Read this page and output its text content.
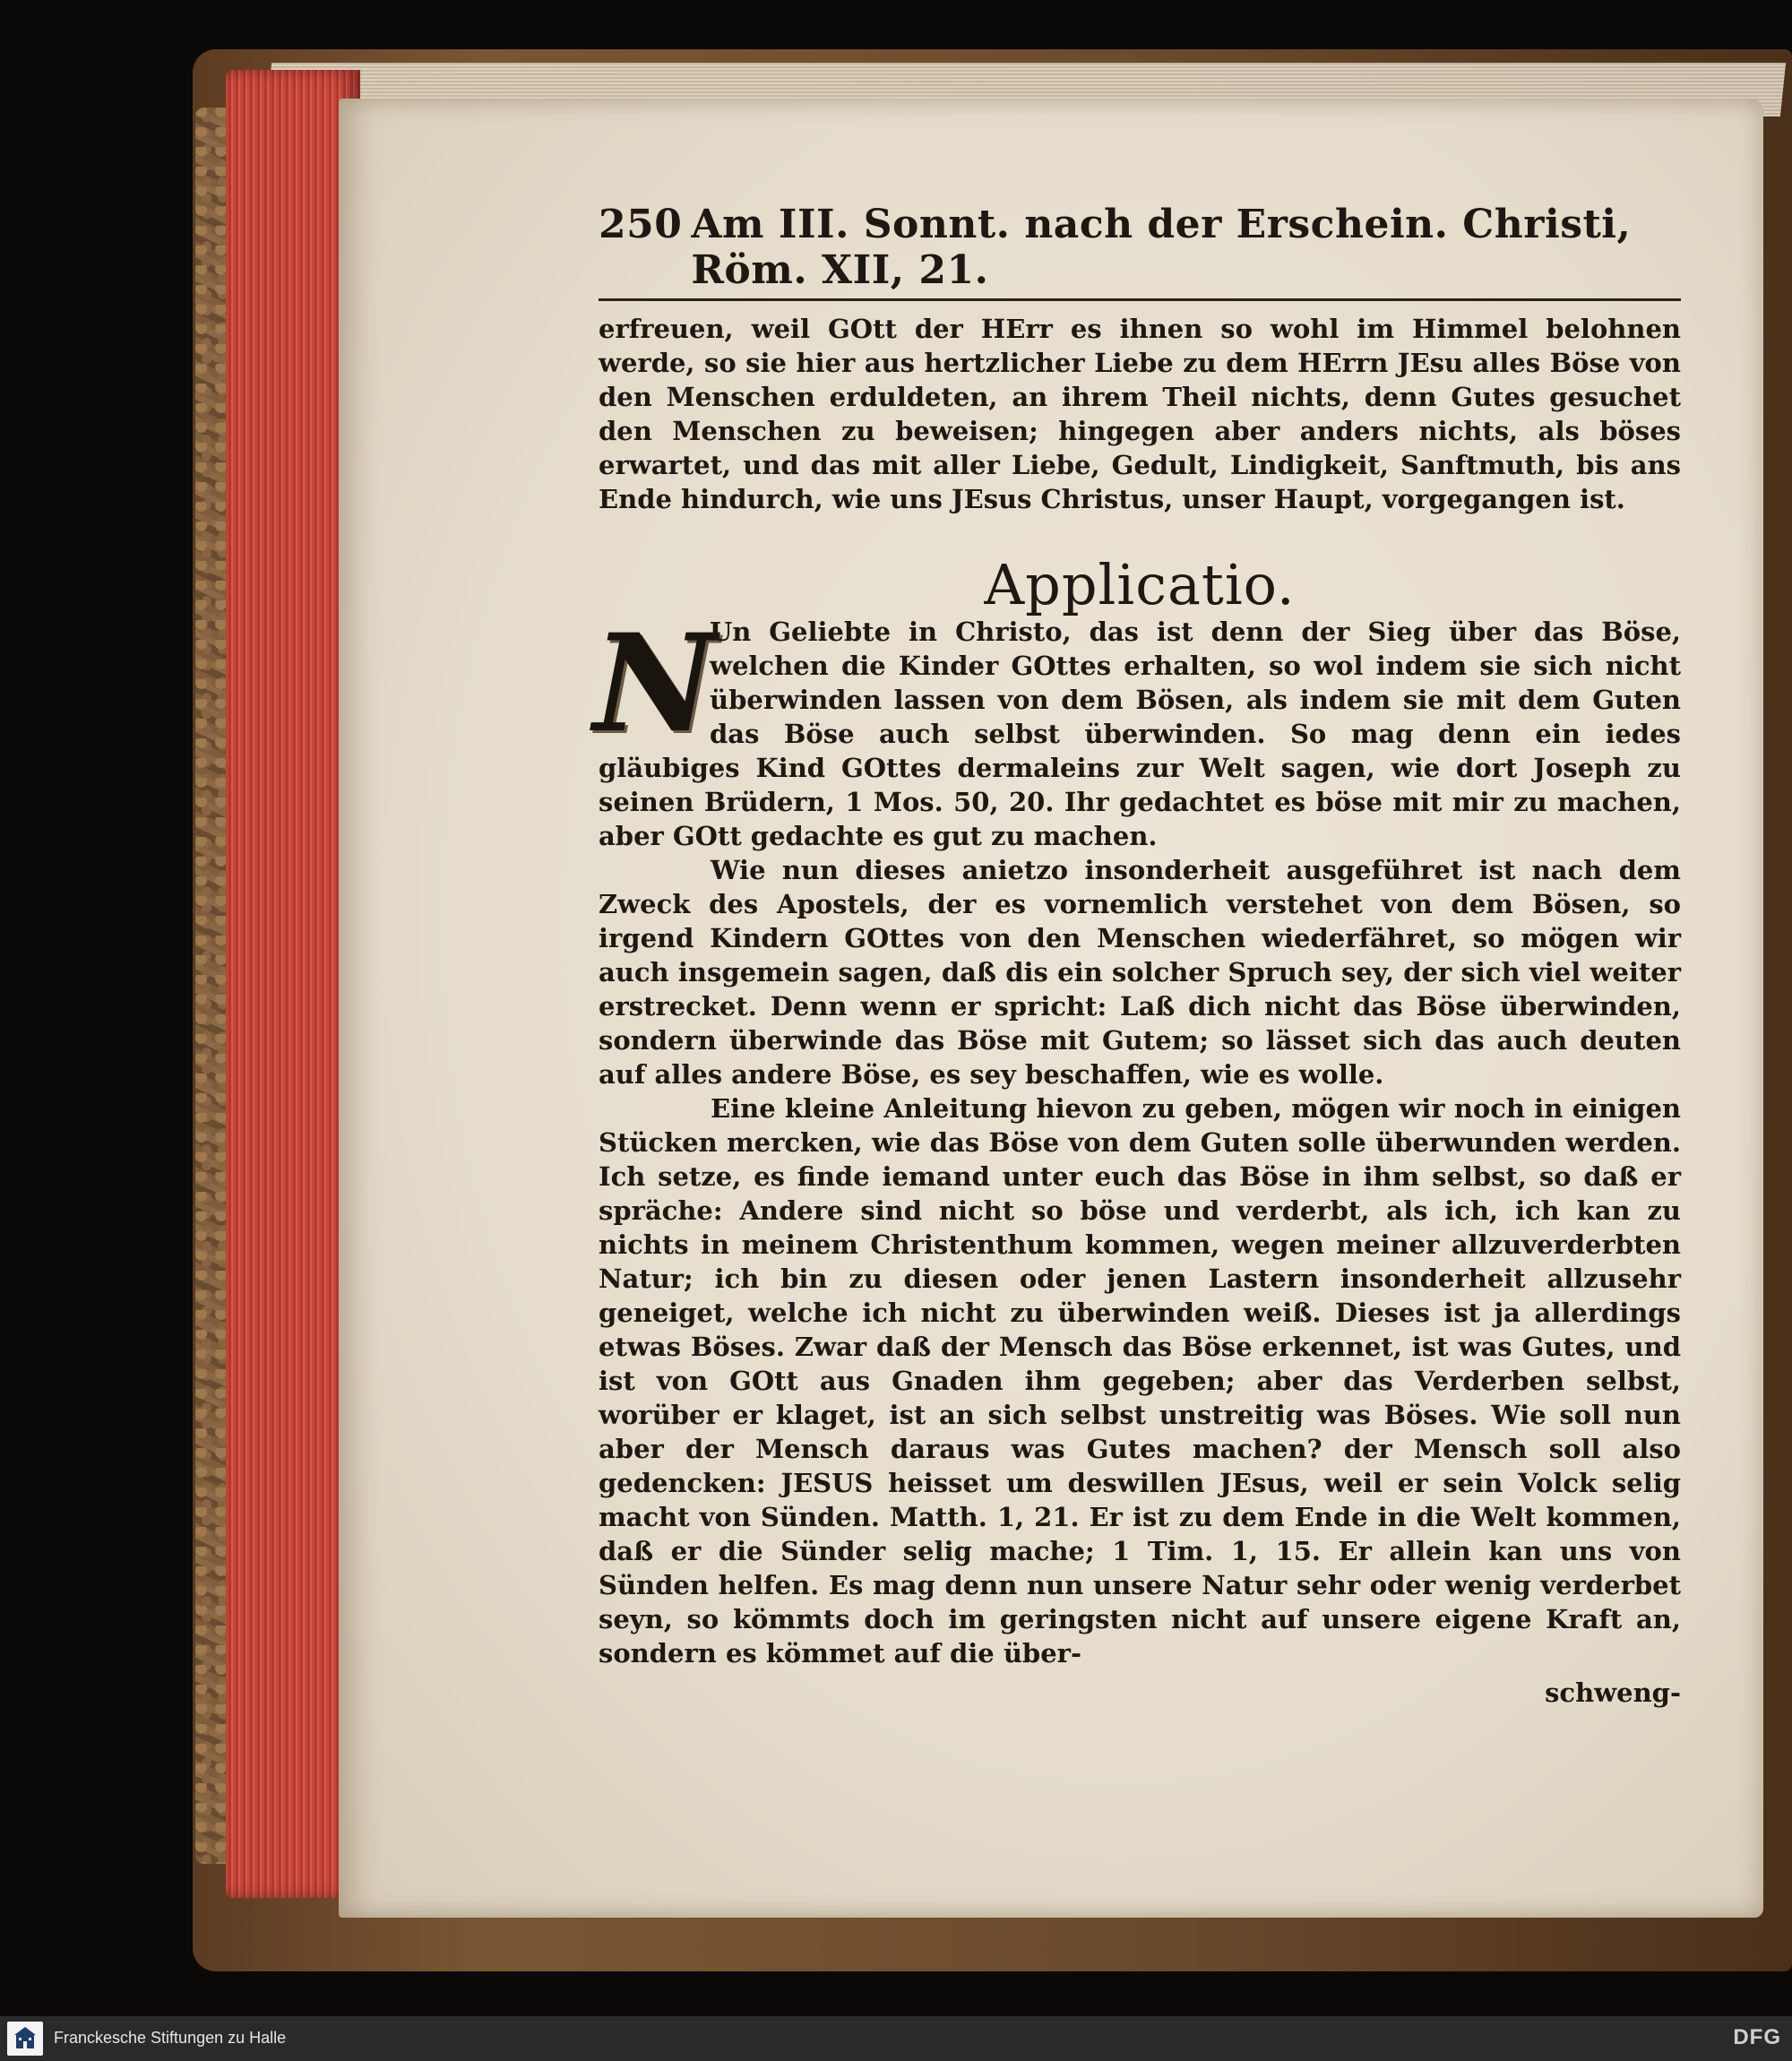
250 Am III. Sonnt. nach der Erschein. Christi, Röm. XII, 21.

erfreuen, weil GOtt der HErr es ihnen so wohl im Himmel belohnen werde, so sie hier aus hertzlicher Liebe zu dem HErrn JEsu alles Böse von den Menschen erduldeten, an ihrem Theil nichts, denn Gutes gesuchet den Menschen zu beweisen; hingegen aber anders nichts, als böses erwartet, und das mit aller Liebe, Gedult, Lindigkeit, Sanftmuth, bis ans Ende hindurch, wie uns JEsus Christus, unser Haupt, vorgegangen ist.

Applicatio.
N

Un Geliebte in Christo, das ist denn der Sieg über das Böse, welchen die Kinder GOttes erhalten, so wol indem sie sich nicht überwinden lassen von dem Bösen, als indem sie mit dem Guten das Böse auch selbst überwinden. So mag denn ein iedes gläubiges Kind GOttes dermaleins zur Welt sagen, wie dort Joseph zu seinen Brüdern, 1 Mos. 50, 20. Ihr gedachtet es böse mit mir zu machen, aber GOtt gedachte es gut zu machen.

Wie nun dieses anietzo insonderheit ausgeführet ist nach dem Zweck des Apostels, der es vornemlich verstehet von dem Bösen, so irgend Kindern GOttes von den Menschen wiederfähret, so mögen wir auch insgemein sagen, daß dis ein solcher Spruch sey, der sich viel weiter erstrecket. Denn wenn er spricht: Laß dich nicht das Böse überwinden, sondern überwinde das Böse mit Gutem; so lässet sich das auch deuten auf alles andere Böse, es sey beschaffen, wie es wolle.

Eine kleine Anleitung hievon zu geben, mögen wir noch in einigen Stücken mercken, wie das Böse von dem Guten solle überwunden werden. Ich setze, es finde iemand unter euch das Böse in ihm selbst, so daß er spräche: Andere sind nicht so böse und verderbt, als ich, ich kan zu nichts in meinem Christenthum kommen, wegen meiner allzuverderbten Natur; ich bin zu diesen oder jenen Lastern insonderheit allzusehr geneiget, welche ich nicht zu überwinden weiß. Dieses ist ja allerdings etwas Böses. Zwar daß der Mensch das Böse erkennet, ist was Gutes, und ist von GOtt aus Gnaden ihm gegeben; aber das Verderben selbst, worüber er klaget, ist an sich selbst unstreitig was Böses. Wie soll nun aber der Mensch daraus was Gutes machen? der Mensch soll also gedencken: JESUS heisset um deswillen JEsus, weil er sein Volck selig macht von Sünden. Matth. 1, 21. Er ist zu dem Ende in die Welt kommen, daß er die Sünder selig mache; 1 Tim. 1, 15. Er allein kan uns von Sünden helfen. Es mag denn nun unsere Natur sehr oder wenig verderbet seyn, so kömmts doch im geringsten nicht auf unsere eigene Kraft an, sondern es kömmet auf die über-

schweng-
Franckesche Stiftungen zu Halle	DFG
